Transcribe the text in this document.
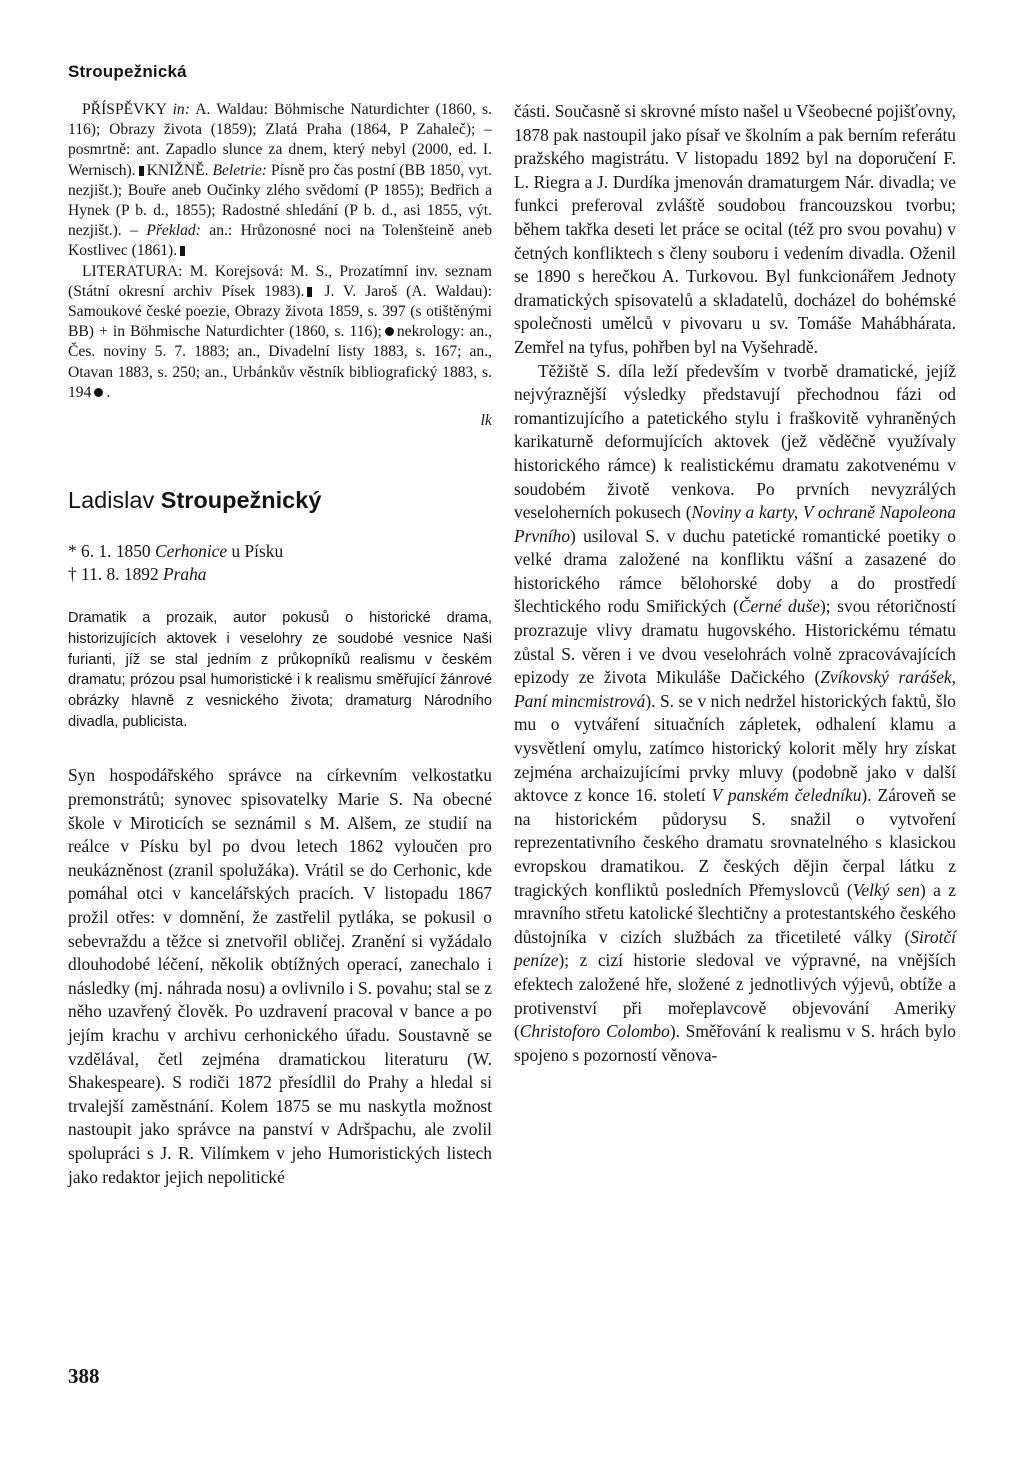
Stroupežnická

PŘÍSPĚVKY in: A. Waldau: Böhmische Naturdichter (1860, s. 116); Obrazy života (1859); Zlatá Praha (1864, P Zahaleč); – posmrtně: ant. Zapadlo slunce za dnem, který nebyl (2000, ed. I. Wernisch). KNIŽNĚ. Beletrie: Písně pro čas postní (BB 1850, vyt. nezjišt.); Bouře aneb Oučinky zlého svědomí (P 1855); Bedřich a Hynek (P b. d., 1855); Radostné shledání (P b. d., asi 1855, výt. nezjišt.). – Překlad: an.: Hrůzonosné noci na Tolenšteině aneb Kostlivec (1861).

LITERATURA: M. Korejsová: M. S., Prozatímní inv. seznam (Státní okresní archiv Písek 1983). J. V. Jaroš (A. Waldau): Samoukové české poezie, Obrazy života 1859, s. 397 (s otištěnými BB) + in Böhmische Naturdichter (1860, s. 116); nekrology: an., Čes. noviny 5. 7. 1883; an., Divadelní listy 1883, s. 167; an., Otavan 1883, s. 250; an., Urbánkův věstník bibliografický 1883, s. 194 .

lk
Ladislav Stroupežnický
* 6. 1. 1850 Cerhonice u Písku
† 11. 8. 1892 Praha
Dramatik a prozaik, autor pokusů o historické drama, historizujících aktovek i veselohry ze soudobé vesnice Naši furianti, jíž se stal jedním z průkopníků realismu v českém dramatu; prózou psal humoristické i k realismu směřující žánrové obrázky hlavně z vesnického života; dramaturg Národního divadla, publicista.

Syn hospodářského správce na církevním velkostatku premonstrátů; synovec spisovatelky Marie S. Na obecné škole v Miroticích se seznámil s M. Alšem, ze studií na reálce v Písku byl po dvou letech 1862 vyloučen pro neukázněnost (zranil spolužáka). Vrátil se do Cerhonic, kde pomáhal otci v kancelářských pracích. V listopadu 1867 prožil otřes: v domnění, že zastřelil pytláka, se pokusil o sebevraždu a těžce si znetvořil obličej. Zranění si vyžádalo dlouhodobé léčení, několik obtížných operací, zanechalo i následky (mj. náhrada nosu) a ovlivnilo i S. povahu; stal se z něho uzavřený člověk. Po uzdravení pracoval v bance a po jejím krachu v archivu cerhonického úřadu. Soustavně se vzdělával, četl zejména dramatickou literaturu (W. Shakespeare). S rodiči 1872 přesídlil do Prahy a hledal si trvalejší zaměstnání. Kolem 1875 se mu naskytla možnost nastoupit jako správce na panství v Adršpachu, ale zvolil spolupráci s J. R. Vilímkem v jeho Humoristických listech jako redaktor jejich nepolitické

části. Současně si skrovné místo našel u Všeobecné pojišťovny, 1878 pak nastoupil jako písař ve školním a pak berním referátu pražského magistrátu. V listopadu 1892 byl na doporučení F. L. Riegra a J. Durdíka jmenován dramaturgem Nár. divadla; ve funkci preferoval zvláště soudobou francouzskou tvorbu; během takřka deseti let práce se ocital (též pro svou povahu) v četných konfliktech s členy souboru i vedením divadla. Oženil se 1890 s herečkou A. Turkovou. Byl funkcionářem Jednoty dramatických spisovatelů a skladatelů, docházel do bohémské společnosti umělců v pivovaru u sv. Tomáše Mahábhárata. Zemřel na tyfus, pohřben byl na Vyšehradě.

Těžiště S. díla leží především v tvorbě dramatické, jejíž nejvýraznější výsledky představují přechodnou fázi od romantizujícího a patetického stylu i fraškovitě vyhraněných karikaturně deformujících aktovek (jež věděčně využívaly historického rámce) k realistickému dramatu zakotvenému v soudobém životě venkova. Po prvních nevyzrálých veseloherních pokusech (Noviny a karty, V ochraně Napoleona Prvního) usiloval S. v duchu patetické romantické poetiky o velké drama založené na konfliktu vášní a zasazené do historického rámce bělohorské doby a do prostředí šlechtického rodu Smiřických (Černé duše); svou rétoričností prozrazuje vlivy dramatu hugovského. Historickému tématu zůstal S. věren i ve dvou veselohrách volně zpracovávajících epizody ze života Mikuláše Dačického (Zvíkovský rarášek, Paní mincmistrová). S. se v nich nedržel historických faktů, šlo mu o vytváření situačních zápletek, odhalení klamu a vysvětlení omylu, zatímco historický kolorit měly hry získat zejména archaizujícími prvky mluvy (podobně jako v další aktovce z konce 16. století V panském čeledníku). Zároveň se na historickém půdorysu S. snažil o vytvoření reprezentativního českého dramatu srovnatelného s klasickou evropskou dramatikou. Z českých dějin čerpal látku z tragických konfliktů posledních Přemyslovců (Velký sen) a z mravního střetu katolické šlechtičny a protestantského českého důstojníka v cizích službách za třicetileté války (Sirotčí peníze); z cizí historie sledoval ve výpravné, na vnějších efektech založené hře, složené z jednotlivých výjevů, obtíže a protivenství při mořeplavcově objevování Ameriky (Christoforo Colombo). Směřování k realismu v S. hrách bylo spojeno s pozorností věnova-

388
